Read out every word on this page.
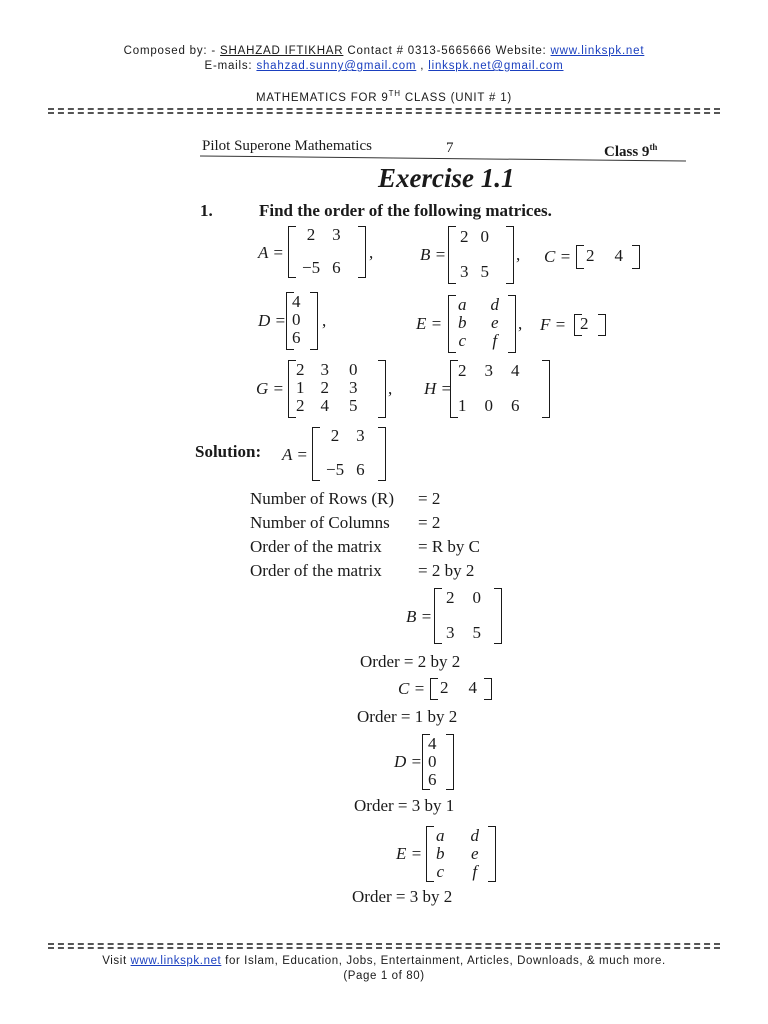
Composed by: - SHAHZAD IFTIKHAR Contact # 0313-5665666 Website: www.linkspk.net
E-mails: shahzad.sunny@gmail.com , linkspk.net@gmail.com
MATHEMATICS FOR 9TH CLASS (UNIT # 1)
Pilot Superone Mathematics	7	Class 9th
Exercise 1.1
1.	Find the order of the following matrices.
A =
2	3
−5	6
,	B =
2	0
3	5
, C = 2	4
D =
4
0
6
,	E =
a	d
b	e
c	f
, F = 2
G =
2	3	0
1	2	3
2	4	5
, H =
2	3	4
1	0	6
Solution: A =
2	3
−5	6
Number of Rows (R) = 2
Number of Columns = 2
Order of the matrix = R by C
Order of the matrix = 2 by 2
B =
2	0
3	5
Order = 2 by 2
C = 2	4
Order = 1 by 2
D =
4
0
6
Order = 3 by 1
E =
a	d
b	e
c	f
Order = 3 by 2
Visit www.linkspk.net for Islam, Education, Jobs, Entertainment, Articles, Downloads, & much more.
(Page 1 of 80)
